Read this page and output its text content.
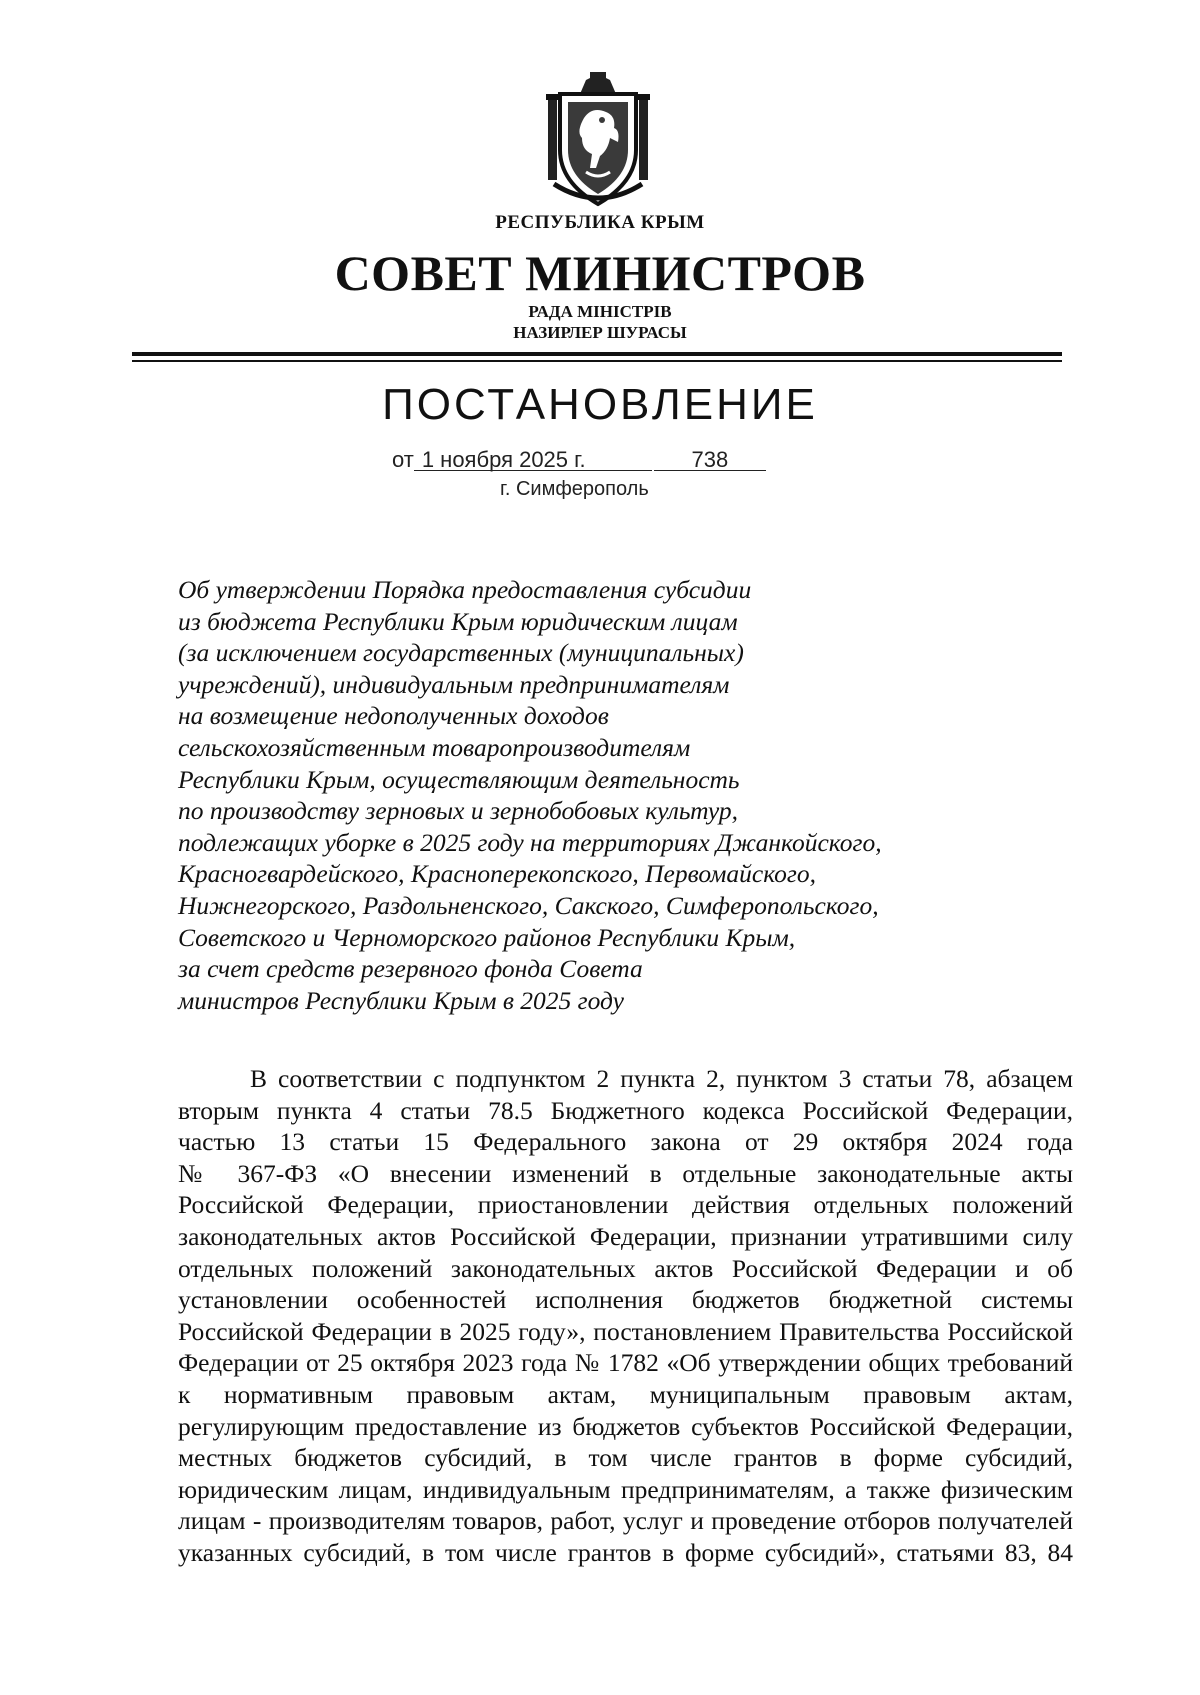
РЕСПУБЛИКА КРЫМ
СОВЕТ МИНИСТРОВ
РАДА МІНІСТРІВ
НАЗИРЛЕР ШУРАСЫ
ПОСТАНОВЛЕНИЕ
от 1 ноября 2025 г.	738
г. Симферополь
Об утверждении Порядка предоставления субсидии
из бюджета Республики Крым юридическим лицам
(за исключением государственных (муниципальных)
учреждений), индивидуальным предпринимателям
на возмещение недополученных доходов
сельскохозяйственным товаропроизводителям
Республики Крым, осуществляющим деятельность
по производству зерновых и зернобобовых культур,
подлежащих уборке в 2025 году на территориях Джанкойского,
Красногвардейского, Красноперекопского, Первомайского,
Нижнегорского, Раздольненского, Сакского, Симферопольского,
Советского и Черноморского районов Республики Крым,
за счет средств резервного фонда Совета
министров Республики Крым в 2025 году
В соответствии с подпунктом 2 пункта 2, пунктом 3 статьи 78, абзацем
вторым пункта 4 статьи 78.5 Бюджетного кодекса Российской Федерации,
частью 13 статьи 15 Федерального закона от 29 октября 2024 года
№ 367-ФЗ «О внесении изменений в отдельные законодательные акты
Российской Федерации, приостановлении действия отдельных положений
законодательных актов Российской Федерации, признании утратившими силу
отдельных положений законодательных актов Российской Федерации и об
установлении особенностей исполнения бюджетов бюджетной системы
Российской Федерации в 2025 году», постановлением Правительства Российской
Федерации от 25 октября 2023 года № 1782 «Об утверждении общих требований
к нормативным правовым актам, муниципальным правовым актам,
регулирующим предоставление из бюджетов субъектов Российской Федерации,
местных бюджетов субсидий, в том числе грантов в форме субсидий,
юридическим лицам, индивидуальным предпринимателям, а также физическим
лицам - производителям товаров, работ, услуг и проведение отборов получателей
указанных субсидий, в том числе грантов в форме субсидий», статьями 83, 84
